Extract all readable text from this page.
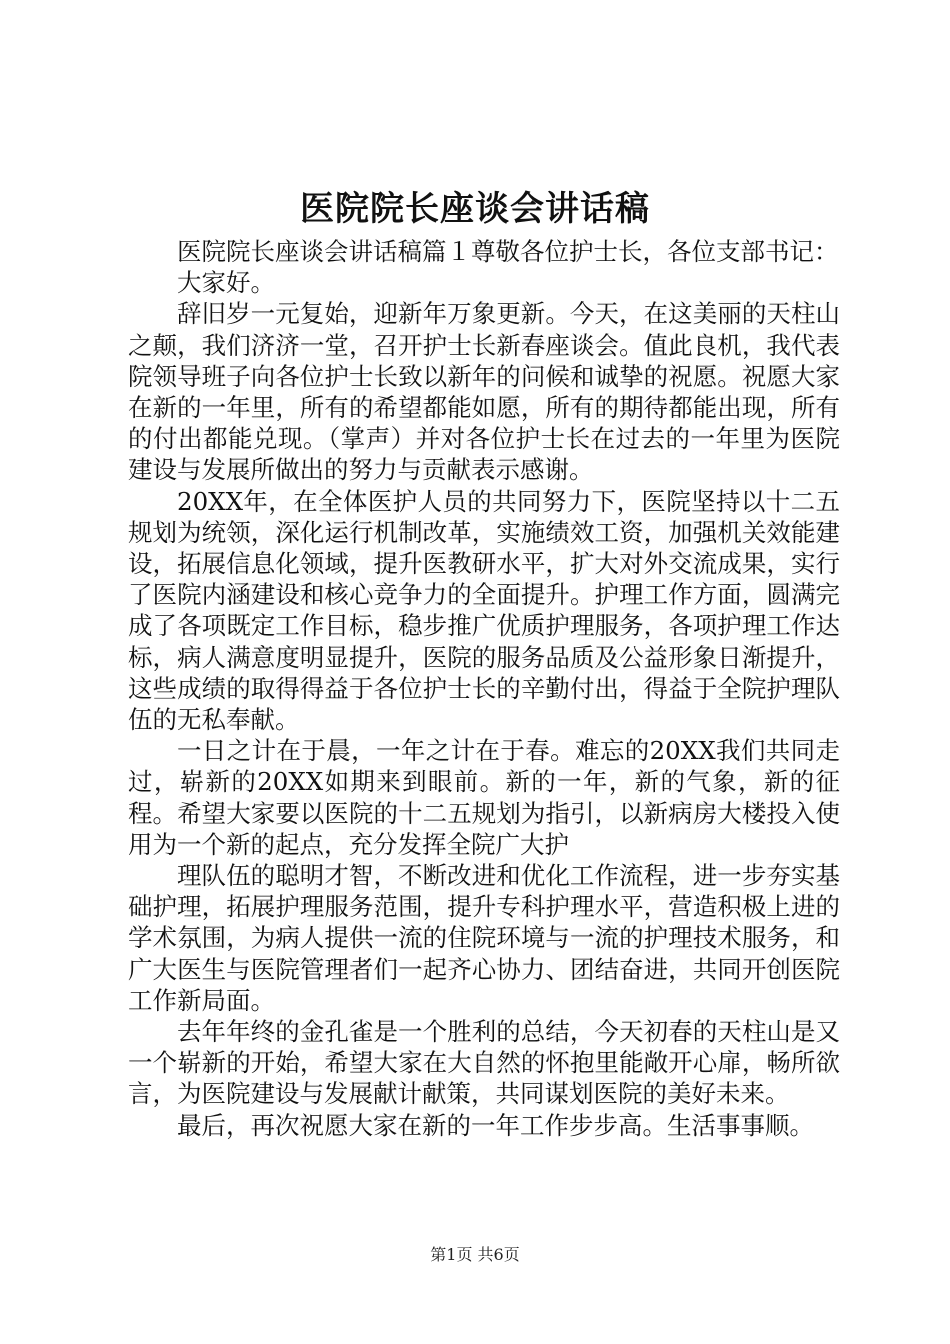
医院院长座谈会讲话稿

医院院长座谈会讲话稿篇１尊敬各位护士长，各位支部书记：

大家好。

辞旧岁一元复始，迎新年万象更新。今天，在这美丽的天柱山之颠，我们济济一堂，召开护士长新春座谈会。值此良机，我代表院领导班子向各位护士长致以新年的问候和诚挚的祝愿。祝愿大家在新的一年里，所有的希望都能如愿，所有的期待都能出现，所有的付出都能兑现。（掌声）并对各位护士长在过去的一年里为医院建设与发展所做出的努力与贡献表示感谢。

20XX年，在全体医护人员的共同努力下，医院坚持以十二五规划为统领，深化运行机制改革，实施绩效工资，加强机关效能建设，拓展信息化领域，提升医教研水平，扩大对外交流成果，实行了医院内涵建设和核心竞争力的全面提升。护理工作方面，圆满完成了各项既定工作目标，稳步推广优质护理服务，各项护理工作达标，病人满意度明显提升，医院的服务品质及公益形象日渐提升，这些成绩的取得得益于各位护士长的辛勤付出，得益于全院护理队伍的无私奉献。

一日之计在于晨，一年之计在于春。难忘的20XX我们共同走过，崭新的20XX如期来到眼前。新的一年，新的气象，新的征程。希望大家要以医院的十二五规划为指引，以新病房大楼投入使用为一个新的起点，充分发挥全院广大护

理队伍的聪明才智，不断改进和优化工作流程，进一步夯实基础护理，拓展护理服务范围，提升专科护理水平，营造积极上进的学术氛围，为病人提供一流的住院环境与一流的护理技术服务，和广大医生与医院管理者们一起齐心协力、团结奋进，共同开创医院工作新局面。

去年年终的金孔雀是一个胜利的总结，今天初春的天柱山是又一个崭新的开始，希望大家在大自然的怀抱里能敞开心扉，畅所欲言，为医院建设与发展献计献策，共同谋划医院的美好未来。

最后，再次祝愿大家在新的一年工作步步高。生活事事顺。

第1页 共6页
